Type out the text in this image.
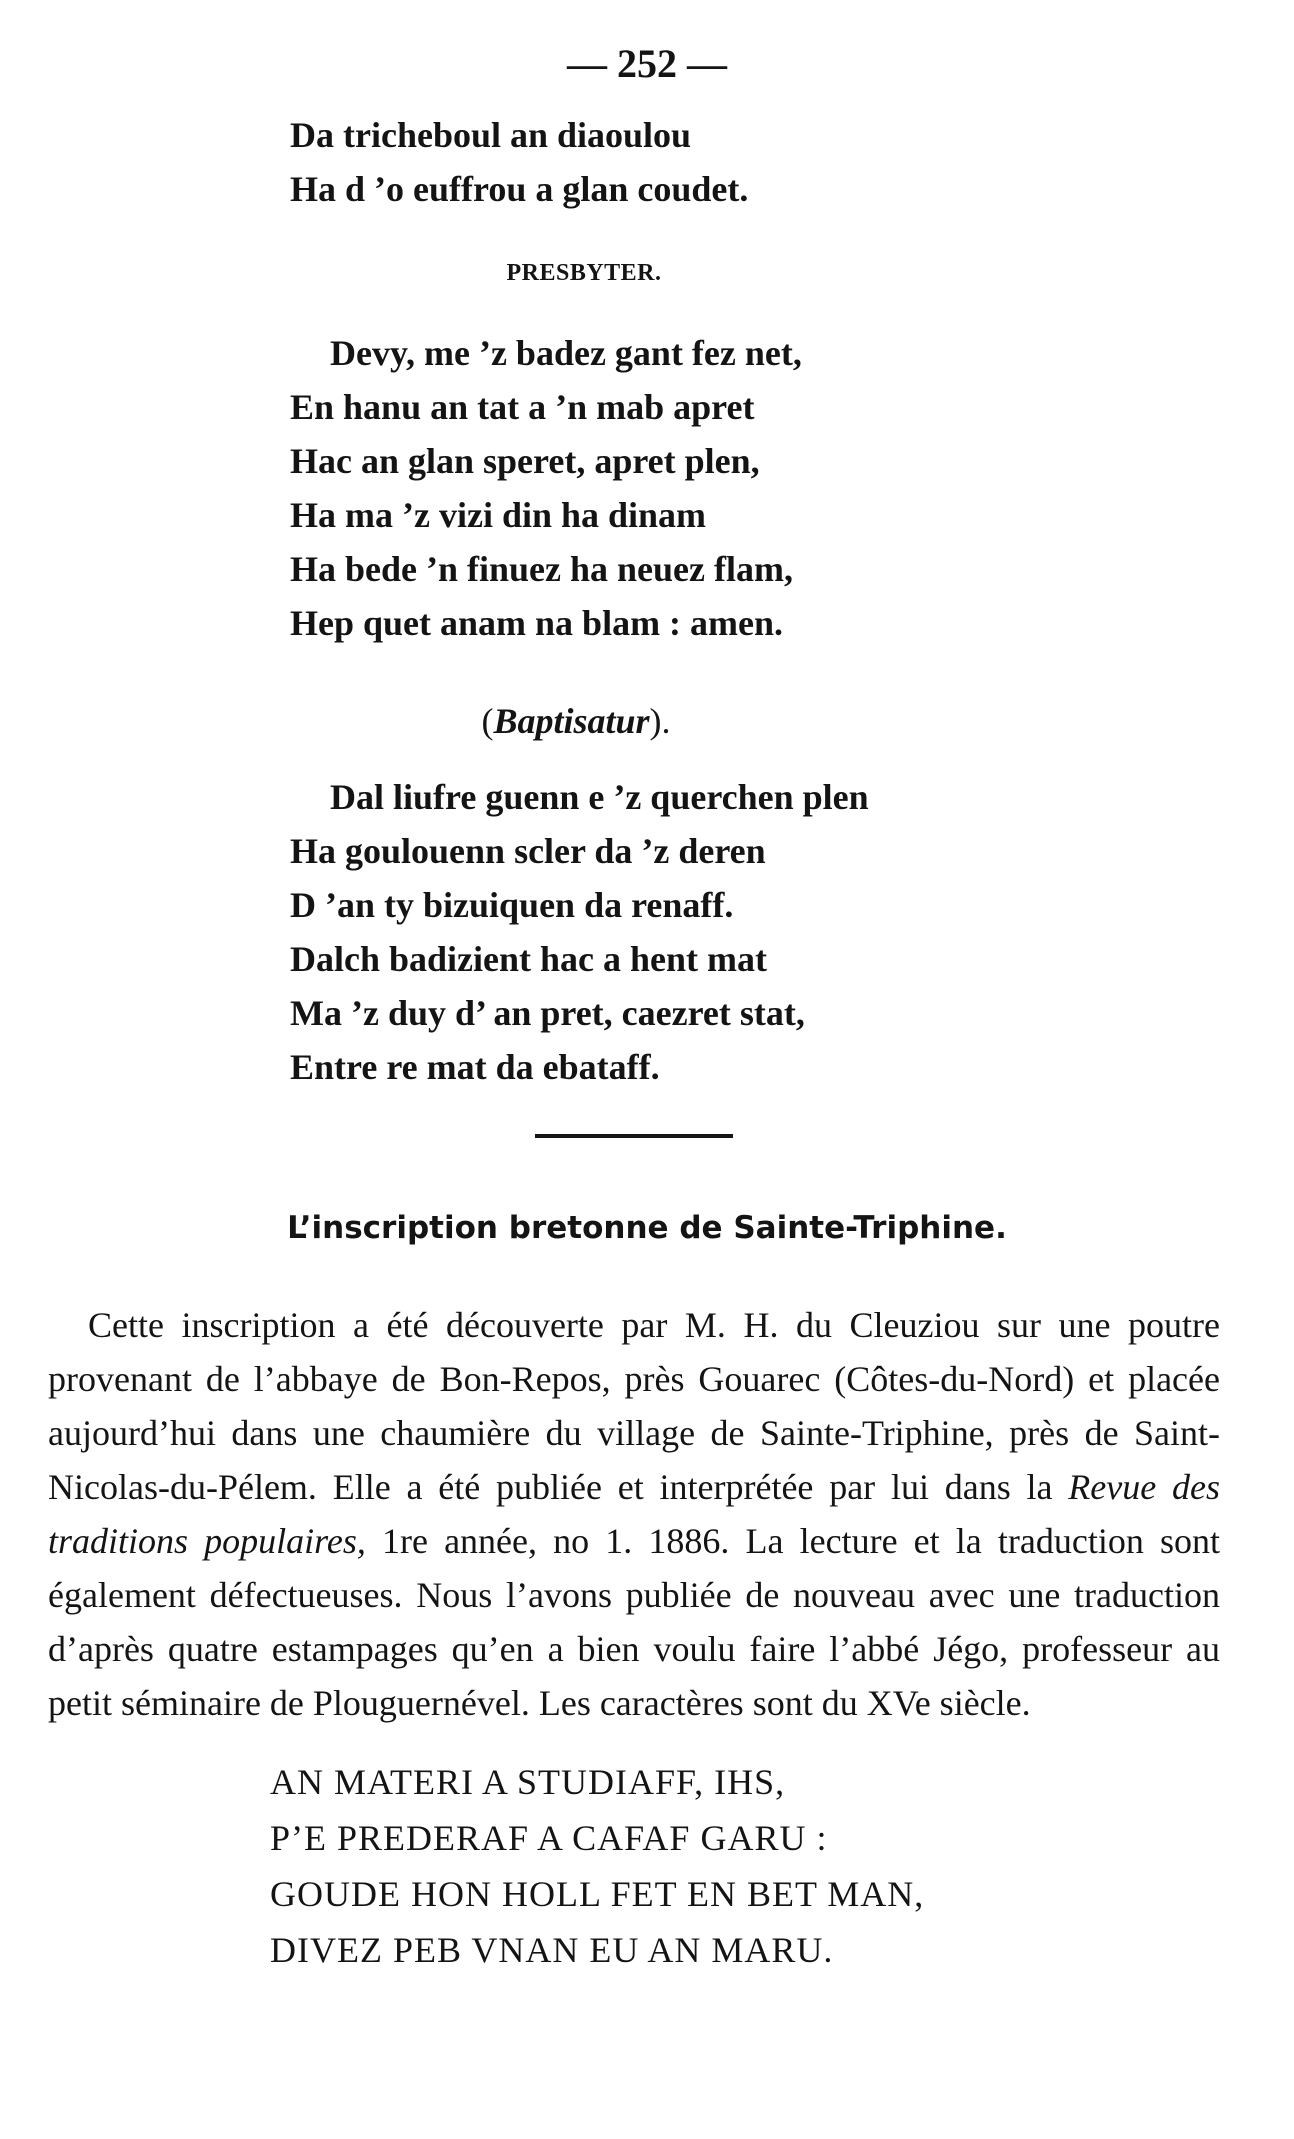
— 252 —
Da tricheboul an diaoulou
Ha d ’o euffrou a glan coudet.
PRESBYTER.
Devy, me ’z badez gant fez net,
En hanu an tat a ’n mab apret
Hac an glan speret, apret plen,
Ha ma ’z vizi din ha dinam
Ha bede ’n finuez ha neuez flam,
Hep quet anam na blam : amen.
(Baptisatur).
Dal liufre guenn e ’z querchen plen
Ha goulouenn scler da ’z deren
D ’an ty bizuiquen da renaff.
Dalch badizient hac a hent mat
Ma ’z duy d’ an pret, caezret stat,
Entre re mat da ebataff.
L’inscription bretonne de Sainte-Triphine.
Cette inscription a été découverte par M. H. du Cleuziou sur une poutre provenant de l’abbaye de Bon-Repos, près Gouarec (Côtes-du-Nord) et placée aujourd’hui dans une chaumière du village de Sainte-Triphine, près de Saint-Nicolas-du-Pélem. Elle a été publiée et interprétée par lui dans la Revue des traditions populaires, 1re année, no 1. 1886. La lecture et la traduction sont également défectueuses. Nous l’avons publiée de nouveau avec une traduction d’après quatre estampages qu’en a bien voulu faire l’abbé Jégo, professeur au petit séminaire de Plouguernével. Les caractères sont du XVe siècle.
AN MATERI A STUDIAFF, IHS,
P’E PREDERAF A CAFAF GARU :
GOUDE HON HOLL FET EN BET MAN,
DIVEZ PEB VNAN EU AN MARU.
